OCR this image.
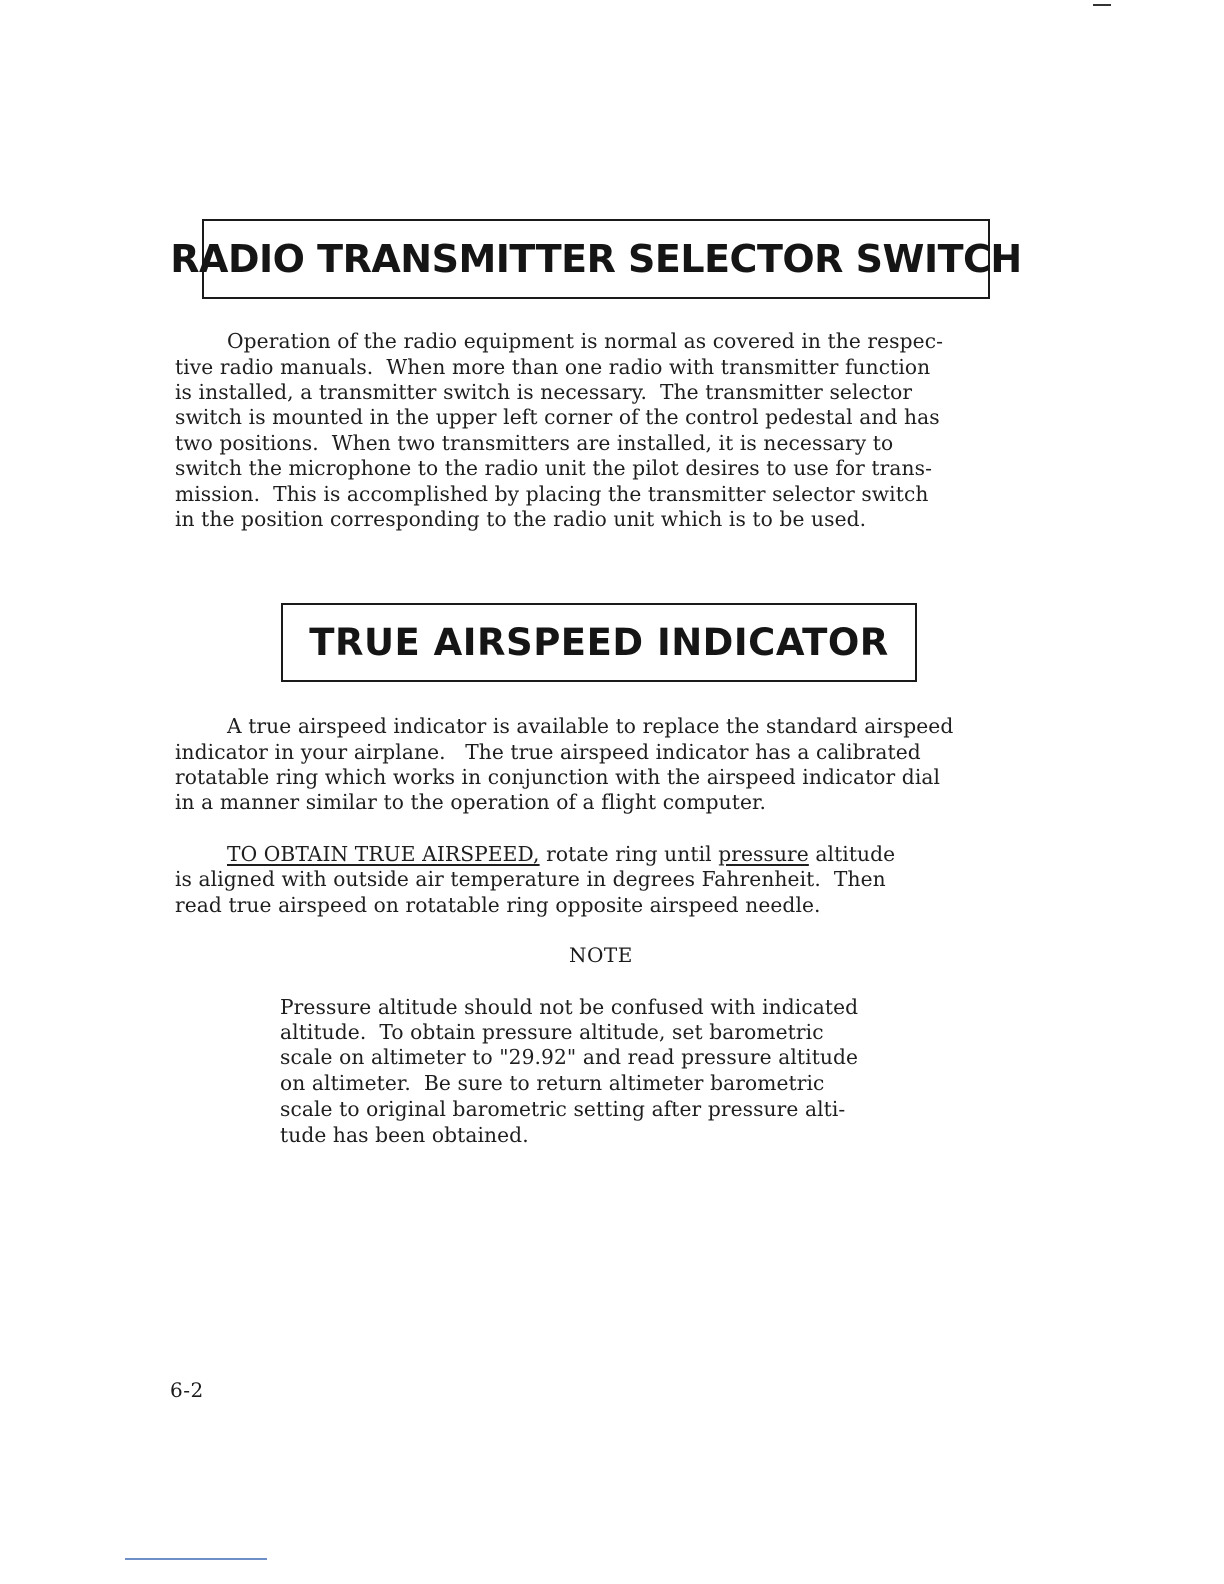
RADIO TRANSMITTER SELECTOR SWITCH
Operation of the radio equipment is normal as covered in the respec-
tive radio manuals.  When more than one radio with transmitter function
is installed, a transmitter switch is necessary.  The transmitter selector
switch is mounted in the upper left corner of the control pedestal and has
two positions.  When two transmitters are installed, it is necessary to
switch the microphone to the radio unit the pilot desires to use for trans-
mission.  This is accomplished by placing the transmitter selector switch
in the position corresponding to the radio unit which is to be used.
TRUE AIRSPEED INDICATOR
A true airspeed indicator is available to replace the standard airspeed
indicator in your airplane.   The true airspeed indicator has a calibrated
rotatable ring which works in conjunction with the airspeed indicator dial
in a manner similar to the operation of a flight computer.
TO OBTAIN TRUE AIRSPEED, rotate ring until pressure altitude
is aligned with outside air temperature in degrees Fahrenheit.  Then
read true airspeed on rotatable ring opposite airspeed needle.
NOTE
Pressure altitude should not be confused with indicated
altitude.  To obtain pressure altitude, set barometric
scale on altimeter to "29.92" and read pressure altitude
on altimeter.  Be sure to return altimeter barometric
scale to original barometric setting after pressure alti-
tude has been obtained.
6-2
